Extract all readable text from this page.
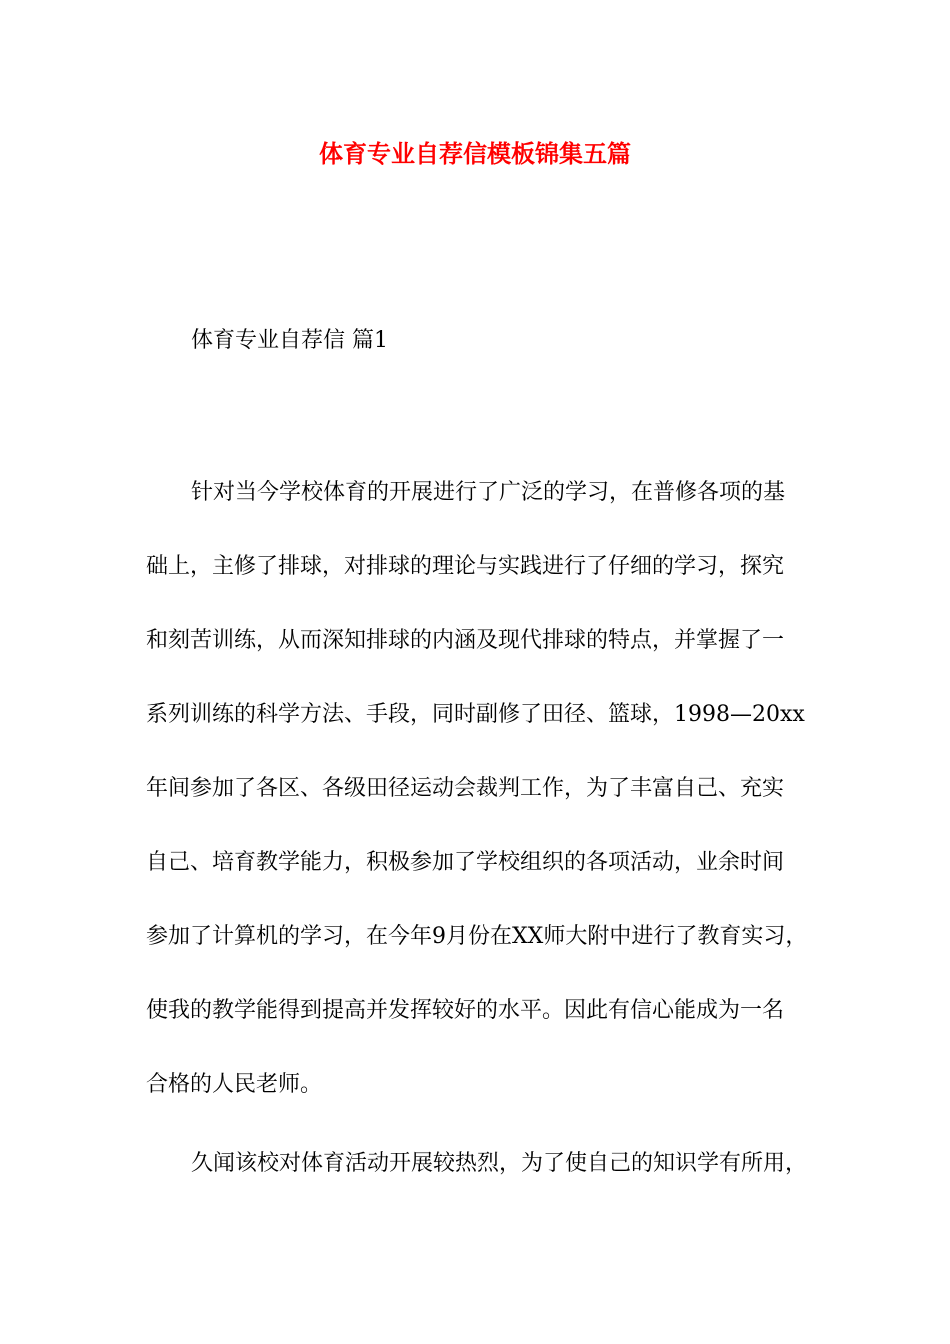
体育专业自荐信模板锦集五篇

体育专业自荐信 篇1

针对当今学校体育的开展进行了广泛的学习，在普修各项的基
础上，主修了排球，对排球的理论与实践进行了仔细的学习，探究
和刻苦训练，从而深知排球的内涵及现代排球的特点，并掌握了一
系列训练的科学方法、手段，同时副修了田径、篮球，1998—20xx
年间参加了各区、各级田径运动会裁判工作，为了丰富自己、充实
自己、培育教学能力，积极参加了学校组织的各项活动，业余时间
参加了计算机的学习，在今年9月份在XX师大附中进行了教育实习，
使我的教学能得到提高并发挥较好的水平。因此有信心能成为一名
合格的人民老师。
久闻该校对体育活动开展较热烈，为了使自己的知识学有所用，
